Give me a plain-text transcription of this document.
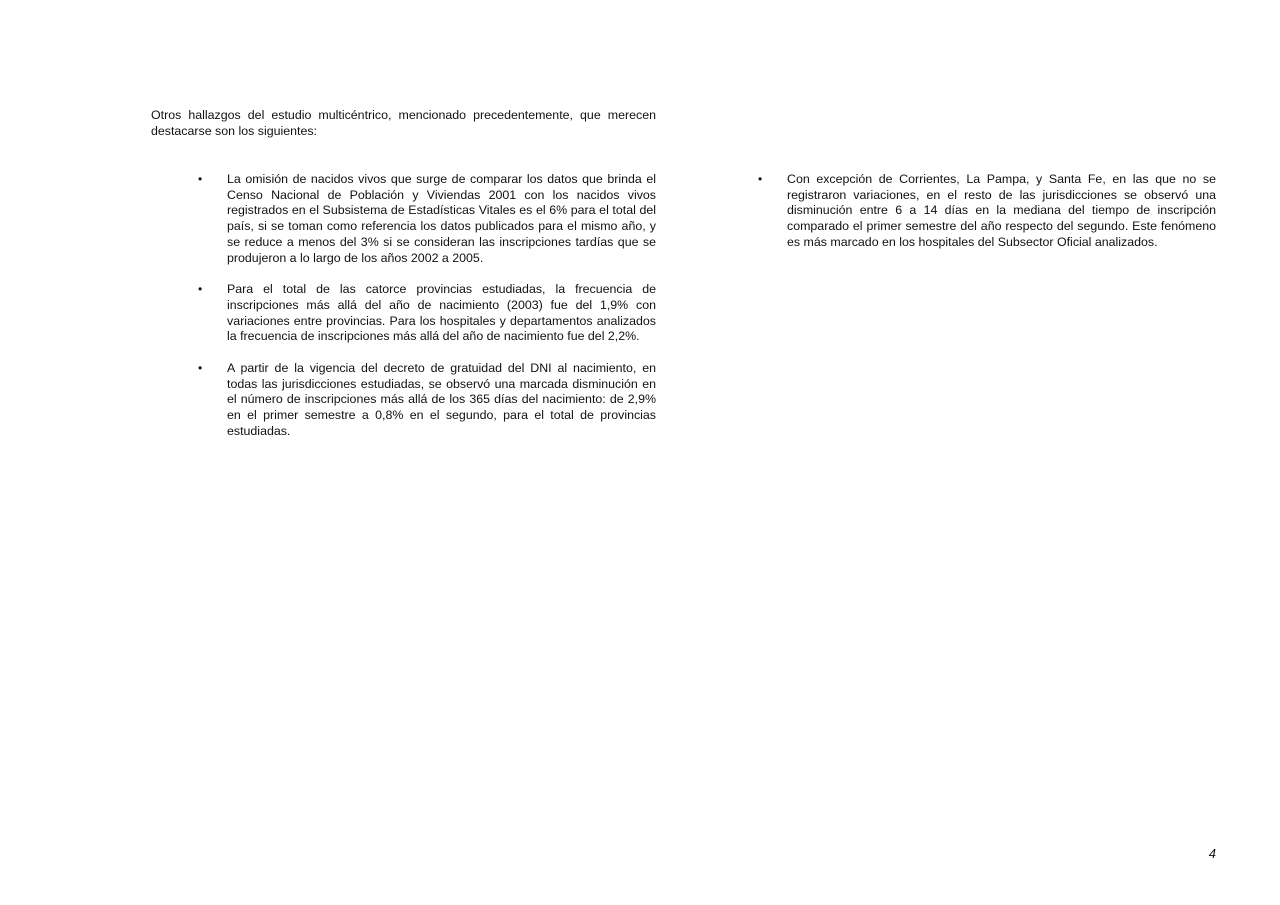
Otros hallazgos del estudio multicéntrico, mencionado precedentemente, que merecen destacarse son los siguientes:

•	La omisión de nacidos vivos que surge de comparar los datos que brinda el Censo Nacional de Población y Viviendas 2001 con los nacidos vivos registrados en el Subsistema de Estadísticas Vitales es el 6% para el total del país, si se toman como referencia los datos publicados para el mismo año, y se reduce a menos del 3% si se consideran las inscripciones tardías que se produjeron a lo largo de los años 2002 a 2005.
•	Para el total de las catorce provincias estudiadas, la frecuencia de inscripciones más allá del año de nacimiento (2003) fue del 1,9% con variaciones entre provincias. Para los hospitales y departamentos analizados la frecuencia de inscripciones más allá del año de nacimiento fue del 2,2%.
•	A partir de la vigencia del decreto de gratuidad del DNI al nacimiento, en todas las jurisdicciones estudiadas, se observó una marcada disminución en el número de inscripciones más allá de los 365 días del nacimiento: de 2,9% en el primer semestre a 0,8% en el segundo, para el total de provincias estudiadas.
•	Con excepción de Corrientes, La Pampa, y Santa Fe, en las que no se registraron variaciones, en el resto de las jurisdicciones se observó una disminución entre 6 a 14 días en la mediana del tiempo de inscripción comparado el primer semestre del año respecto del segundo. Este fenómeno es más marcado en los hospitales del Subsector Oficial analizados.
4
